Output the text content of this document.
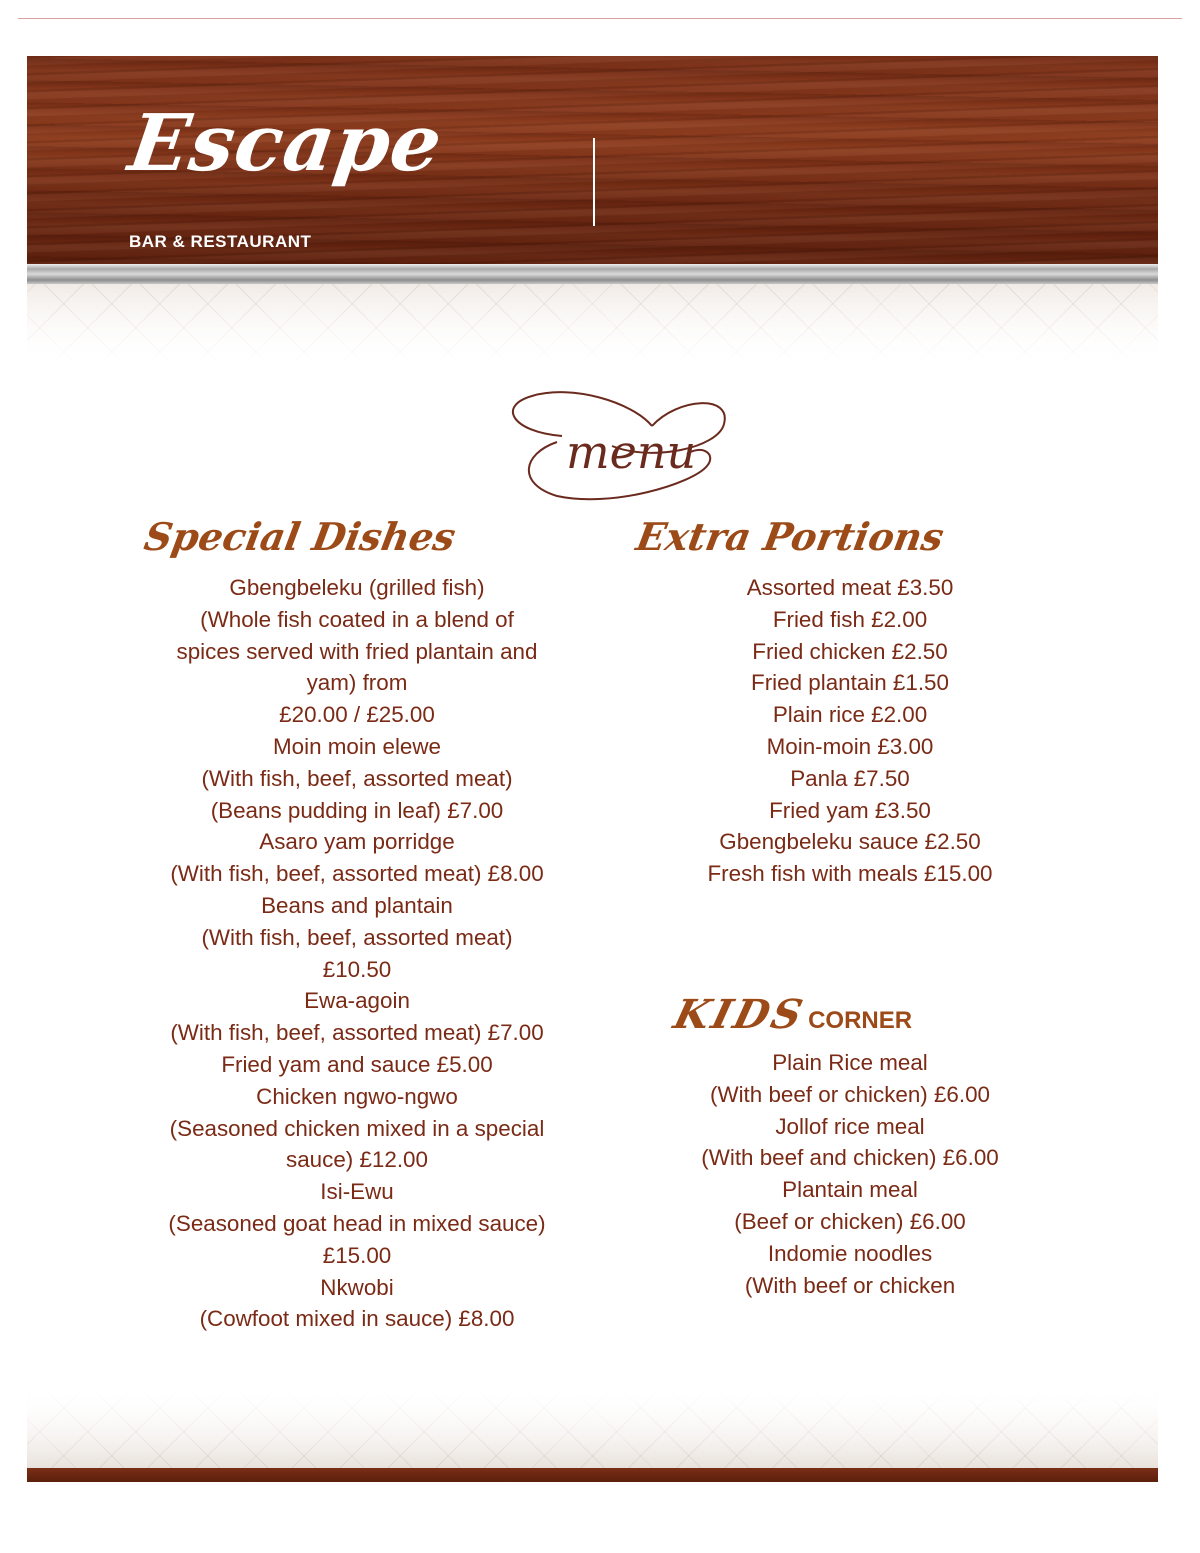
Escape
BAR & RESTAURANT
menu
Special Dishes	Extra Portions
Gbengbeleku (grilled fish)
(Whole fish coated in a blend of
spices served with fried plantain and
yam) from
£20.00 / £25.00
Moin moin elewe
(With fish, beef, assorted meat)
(Beans pudding in leaf) £7.00
Asaro yam porridge
(With fish, beef, assorted meat) £8.00
Beans and plantain
(With fish, beef, assorted meat)
£10.50
Ewa-agoin
(With fish, beef, assorted meat) £7.00
Fried yam and sauce £5.00
Chicken ngwo-ngwo
(Seasoned chicken mixed in a special
sauce) £12.00
Isi-Ewu
(Seasoned goat head in mixed sauce)
£15.00
Nkwobi
(Cowfoot mixed in sauce) £8.00
Assorted meat £3.50
Fried fish £2.00
Fried chicken £2.50
Fried plantain £1.50
Plain rice £2.00
Moin-moin £3.00
Panla £7.50
Fried yam £3.50
Gbengbeleku sauce £2.50
Fresh fish with meals £15.00
KIDSCORNER
Plain Rice meal
(With beef or chicken) £6.00
Jollof rice meal
(With beef and chicken) £6.00
Plantain meal
(Beef or chicken) £6.00
Indomie noodles
(With beef or chicken
